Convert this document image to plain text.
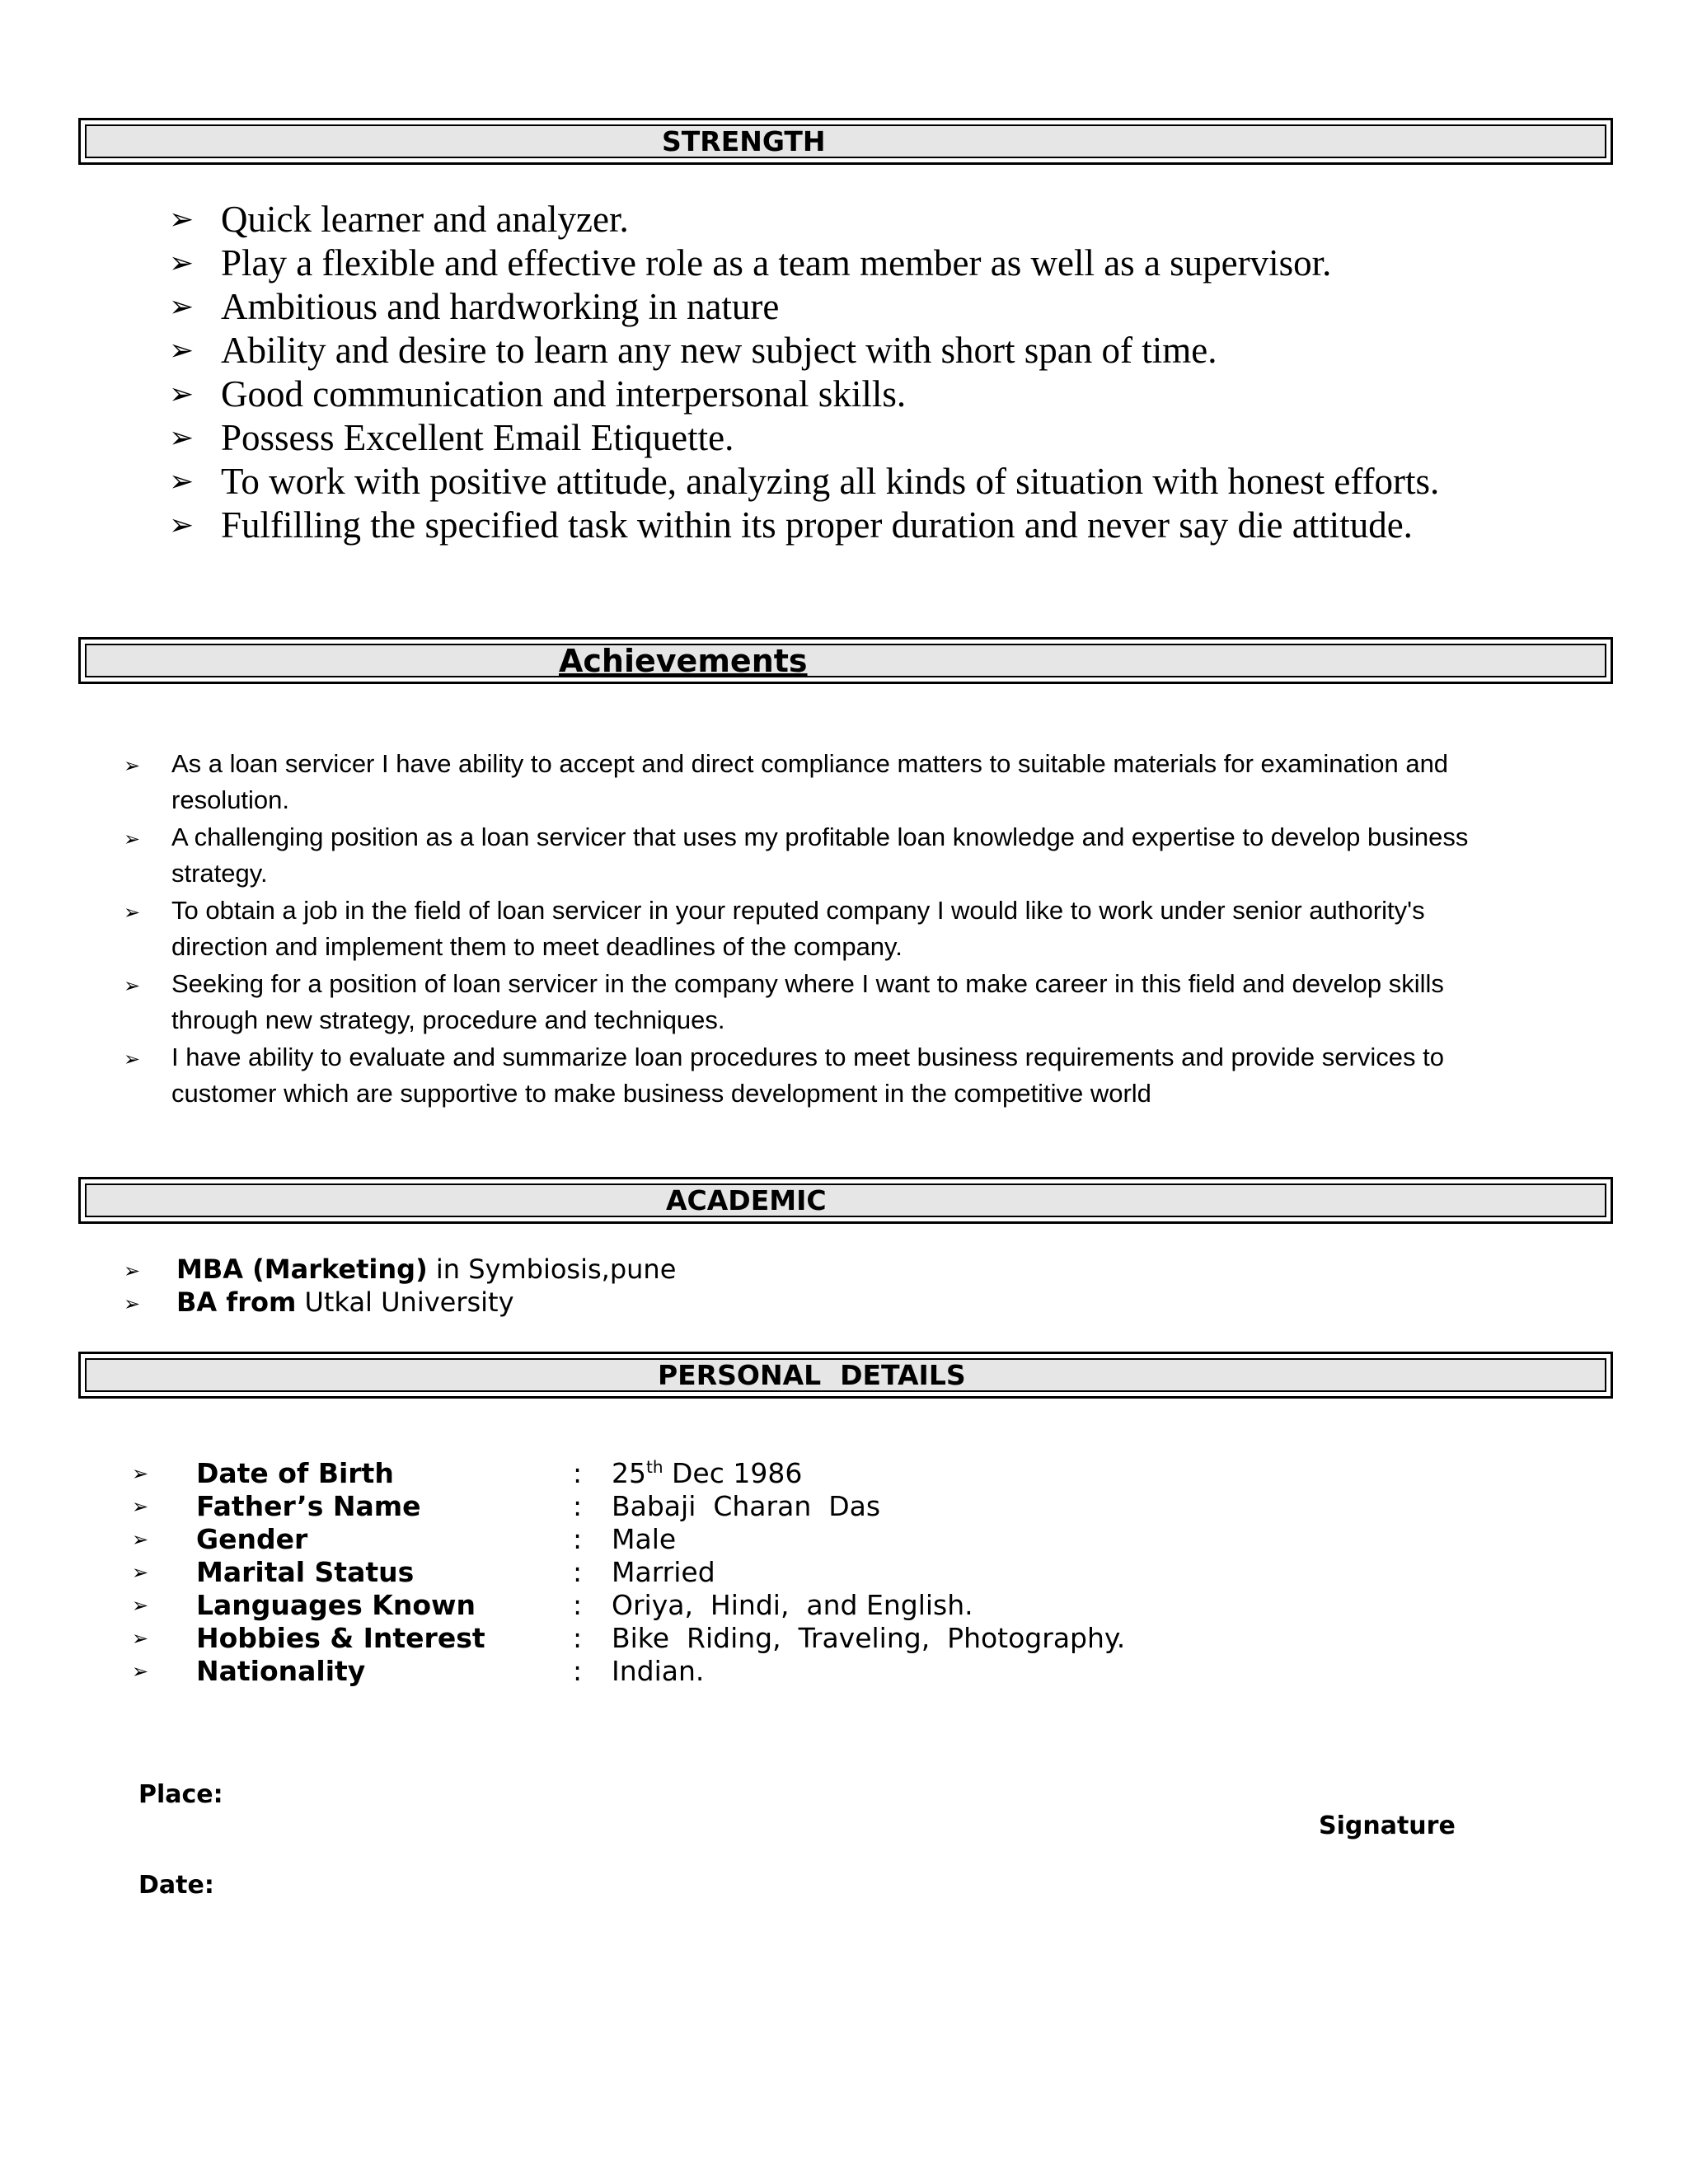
STRENGTH
➢ Quick learner and analyzer.
➢ Play a flexible and effective role as a team member as well as a supervisor.
➢ Ambitious and hardworking in nature
➢ Ability and desire to learn any new subject with short span of time.
➢ Good communication and interpersonal skills.
➢ Possess Excellent Email Etiquette.
➢ To work with positive attitude, analyzing all kinds of situation with honest efforts.
➢ Fulfilling the specified task within its proper duration and never say die attitude.
Achievements
➢ As a loan servicer I have ability to accept and direct compliance matters to suitable materials for examination and resolution.
➢ A challenging position as a loan servicer that uses my profitable loan knowledge and expertise to develop business strategy.
➢ To obtain a job in the field of loan servicer in your reputed company I would like to work under senior authority's direction and implement them to meet deadlines of the company.
➢ Seeking for a position of loan servicer in the company where I want to make career in this field and develop skills through new strategy, procedure and techniques.
➢ I have ability to evaluate and summarize loan procedures to meet business requirements and provide services to customer which are supportive to make business development in the competitive world
ACADEMIC
➢ MBA (Marketing) in Symbiosis,pune
➢ BA from Utkal University
PERSONAL  DETAILS
➢ Date of Birth	: 25th Dec 1986
➢ Father’s Name	: Babaji  Charan  Das
➢ Gender	: Male
➢ Marital Status	: Married
➢ Languages Known	: Oriya,  Hindi,  and English.
➢ Hobbies & Interest	: Bike  Riding,  Traveling,  Photography.
➢ Nationality	: Indian.
Place:
Signature
Date:
